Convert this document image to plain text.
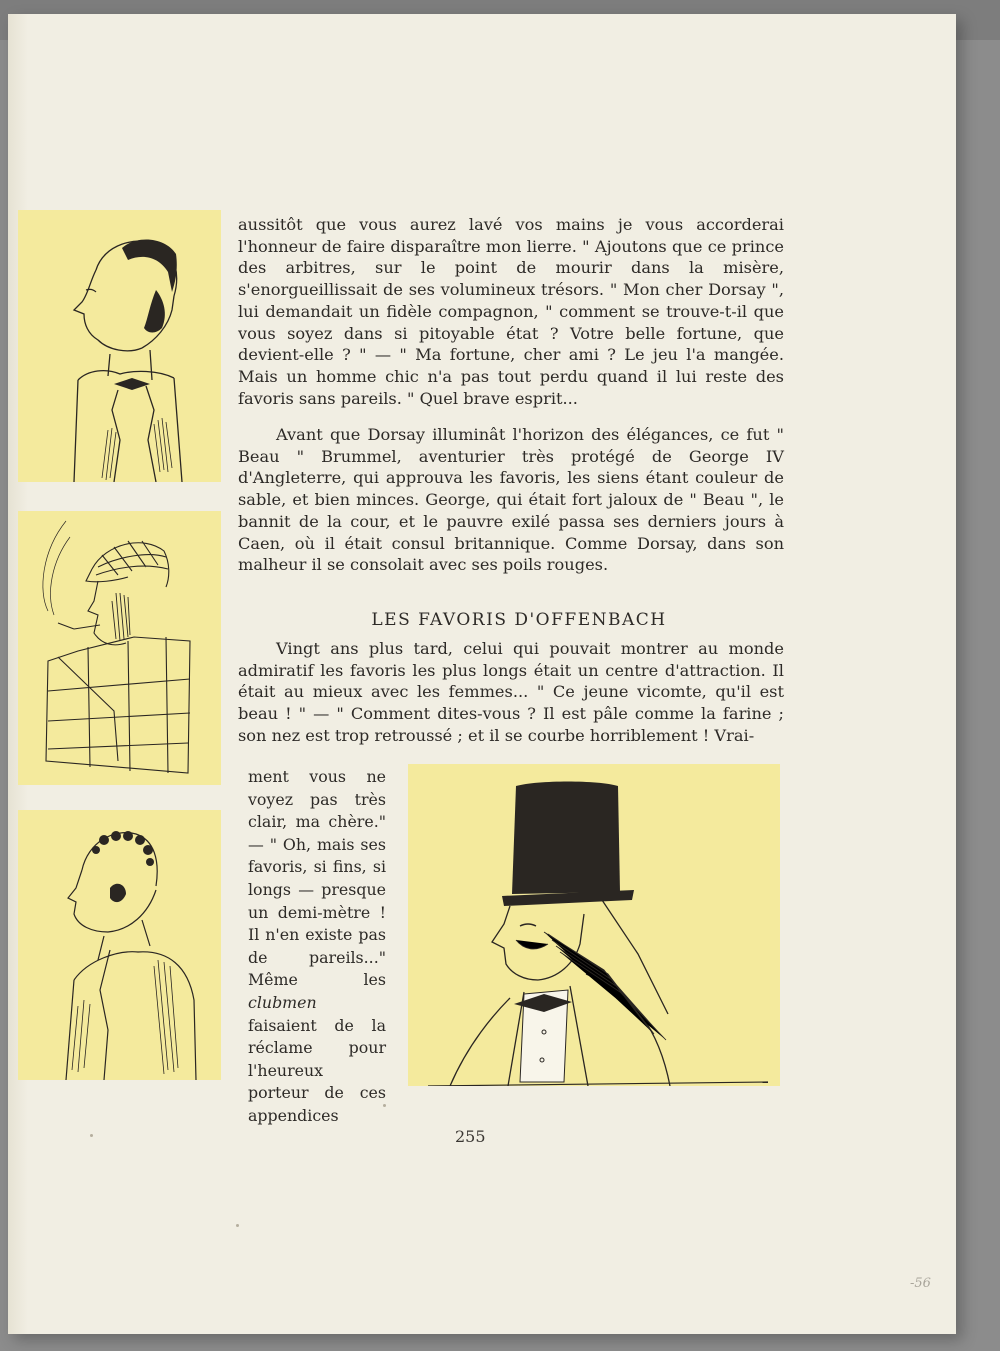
aussitôt que vous aurez lavé vos mains je vous accorderai l'honneur de faire disparaître mon lierre. " Ajoutons que ce prince des arbitres, sur le point de mourir dans la misère, s'enorgueillissait de ses volumineux trésors. " Mon cher Dorsay ", lui demandait un fidèle compagnon, " comment se trouve-t-il que vous soyez dans si pitoyable état ? Votre belle fortune, que devient-elle ? " — " Ma fortune, cher ami ? Le jeu l'a mangée. Mais un homme chic n'a pas tout perdu quand il lui reste des favoris sans pareils. " Quel brave esprit...

Avant que Dorsay illuminât l'horizon des élégances, ce fut " Beau " Brummel, aventurier très protégé de George IV d'Angleterre, qui approuva les favoris, les siens étant couleur de sable, et bien minces. George, qui était fort jaloux de " Beau ", le bannit de la cour, et le pauvre exilé passa ses derniers jours à Caen, où il était consul britannique. Comme Dorsay, dans son malheur il se consolait avec ses poils rouges.

LES FAVORIS D'OFFENBACH

Vingt ans plus tard, celui qui pouvait montrer au monde admiratif les favoris les plus longs était un centre d'attraction. Il était au mieux avec les femmes... " Ce jeune vicomte, qu'il est beau ! " — " Comment dites-vous ? Il est pâle comme la farine ; son nez est trop retroussé ; et il se courbe horriblement ! Vrai-

ment vous ne voyez pas très clair, ma chère." — " Oh, mais ses favoris, si fins, si longs — presque un demi-mètre ! Il n'en existe pas de pareils..." Même les clubmen faisaient de la réclame pour l'heureux porteur de ces appendices
255
-56
